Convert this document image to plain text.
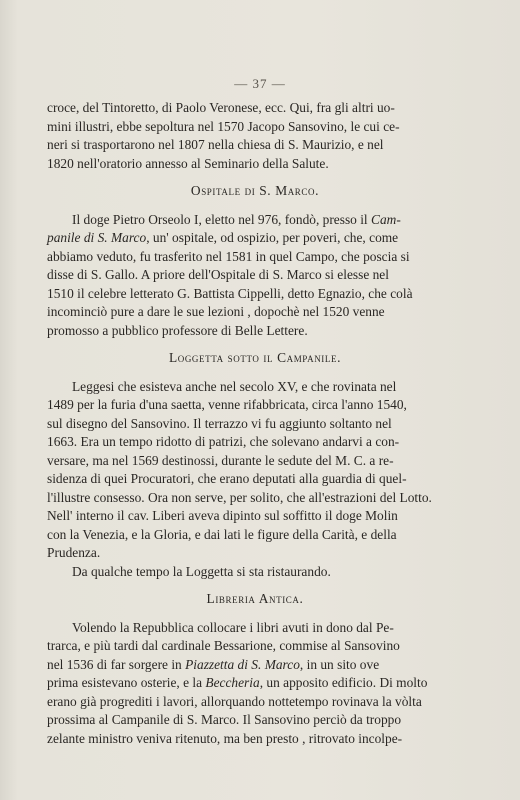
— 37 —

croce, del Tintoretto, di Paolo Veronese, ecc. Qui, fra gli altri uo-
mini illustri, ebbe sepoltura nel 1570 Jacopo Sansovino, le cui ce-
neri si trasportarono nel 1807 nella chiesa di S. Maurizio, e nel
1820 nell'oratorio annesso al Seminario della Salute.

Ospitale di S. Marco.

Il doge Pietro Orseolo I, eletto nel 976, fondò, presso il Cam-
panile di S. Marco, un' ospitale, od ospizio, per poveri, che, come
abbiamo veduto, fu trasferito nel 1581 in quel Campo, che poscia si
disse di S. Gallo. A priore dell'Ospitale di S. Marco si elesse nel
1510 il celebre letterato G. Battista Cippelli, detto Egnazio, che colà
incominciò pure a dare le sue lezioni , dopochè nel 1520 venne
promosso a pubblico professore di Belle Lettere.

Loggetta sotto il Campanile.

Leggesi che esisteva anche nel secolo XV, e che rovinata nel
1489 per la furia d'una saetta, venne rifabbricata, circa l'anno 1540,
sul disegno del Sansovino. Il terrazzo vi fu aggiunto soltanto nel
1663. Era un tempo ridotto di patrizi, che solevano andarvi a con-
versare, ma nel 1569 destinossi, durante le sedute del M. C. a re-
sidenza di quei Procuratori, che erano deputati alla guardia di quel-
l'illustre consesso. Ora non serve, per solito, che all'estrazioni del Lotto.
Nell' interno il cav. Liberi aveva dipinto sul soffitto il doge Molin
con la Venezia, e la Gloria, e dai lati le figure della Carità, e della
Prudenza.

Da qualche tempo la Loggetta si sta ristaurando.

Libreria Antica.

Volendo la Repubblica collocare i libri avuti in dono dal Pe-
trarca, e più tardi dal cardinale Bessarione, commise al Sansovino
nel 1536 di far sorgere in Piazzetta di S. Marco, in un sito ove
prima esistevano osterie, e la Beccheria, un apposito edificio. Di molto
erano già progrediti i lavori, allorquando nottetempo rovinava la vòlta
prossima al Campanile di S. Marco. Il Sansovino perciò da troppo
zelante ministro veniva ritenuto, ma ben presto , ritrovato incolpe-
